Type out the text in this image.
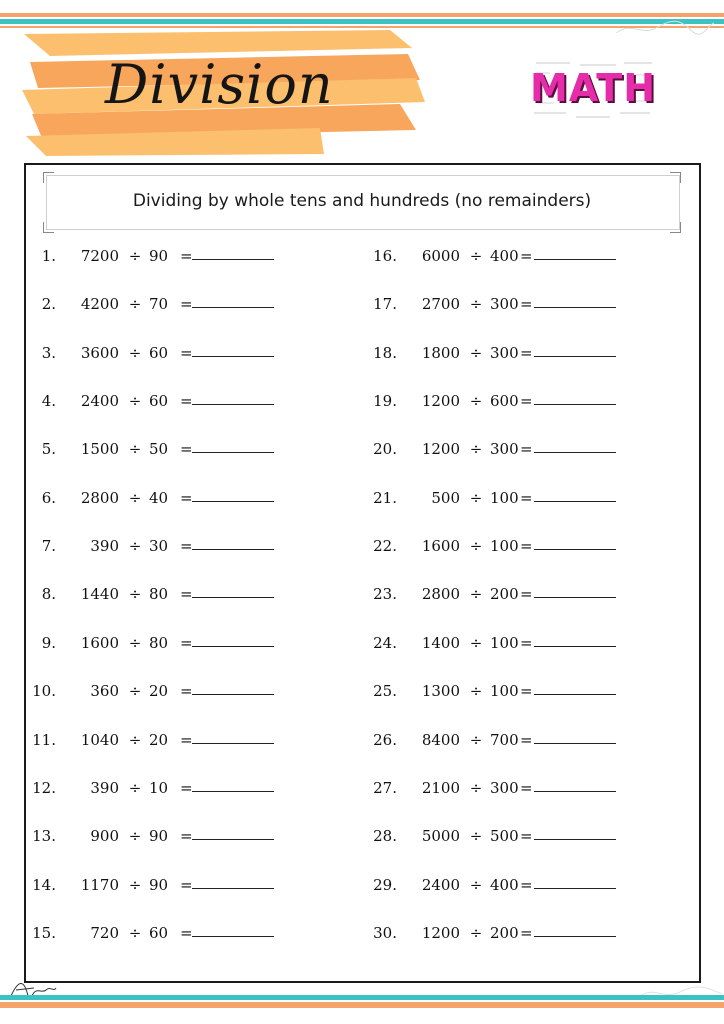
Division	MATH
Dividing by whole tens and hundreds (no remainders)
1.	7200 ÷ 90 =
2.	4200 ÷ 70 =
3.	3600 ÷ 60 =
4.	2400 ÷ 60 =
5.	1500 ÷ 50 =
6.	2800 ÷ 40 =
7.	390 ÷ 30 =
8.	1440 ÷ 80 =
9.	1600 ÷ 80 =
10.	360 ÷ 20 =
11.	1040 ÷ 20 =
12.	390 ÷ 10 =
13.	900 ÷ 90 =
14.	1170 ÷ 90 =
15.	720 ÷ 60 =
16.	6000 ÷ 400 =
17.	2700 ÷ 300 =
18.	1800 ÷ 300 =
19.	1200 ÷ 600 =
20.	1200 ÷ 300 =
21.	500 ÷ 100 =
22.	1600 ÷ 100 =
23.	2800 ÷ 200 =
24.	1400 ÷ 100 =
25.	1300 ÷ 100 =
26.	8400 ÷ 700 =
27.	2100 ÷ 300 =
28.	5000 ÷ 500 =
29.	2400 ÷ 400 =
30.	1200 ÷ 200 =
